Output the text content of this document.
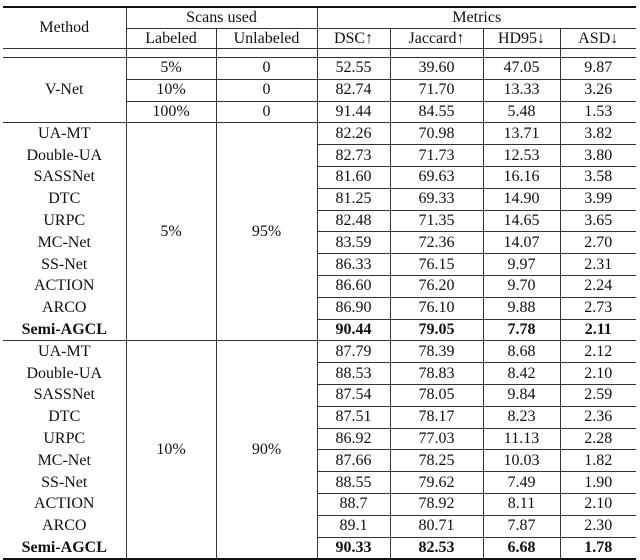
Method	Scans used		Metrics			
	Labeled	Unlabeled	DSC↑	Jaccard↑	HD95↓	ASD↓

V-Net	5%	0	52.55	39.60	47.05	9.87
	10%	0	82.74	71.70	13.33	3.26
	100%	0	91.44	84.55	5.48	1.53
UA-MT	5%	95%	82.26	70.98	13.71	3.82
Double-UA			82.73	71.73	12.53	3.80
SASSNet			81.60	69.63	16.16	3.58
DTC			81.25	69.33	14.90	3.99
URPC			82.48	71.35	14.65	3.65
MC-Net			83.59	72.36	14.07	2.70
SS-Net			86.33	76.15	9.97	2.31
ACTION			86.60	76.20	9.70	2.24
ARCO			86.90	76.10	9.88	2.73
Semi-AGCL			90.44	79.05	7.78	2.11
UA-MT	10%	90%	87.79	78.39	8.68	2.12
Double-UA			88.53	78.83	8.42	2.10
SASSNet			87.54	78.05	9.84	2.59
DTC			87.51	78.17	8.23	2.36
URPC			86.92	77.03	11.13	2.28
MC-Net			87.66	78.25	10.03	1.82
SS-Net			88.55	79.62	7.49	1.90
ACTION			88.7	78.92	8.11	2.10
ARCO			89.1	80.71	7.87	2.30
Semi-AGCL			90.33	82.53	6.68	1.78
